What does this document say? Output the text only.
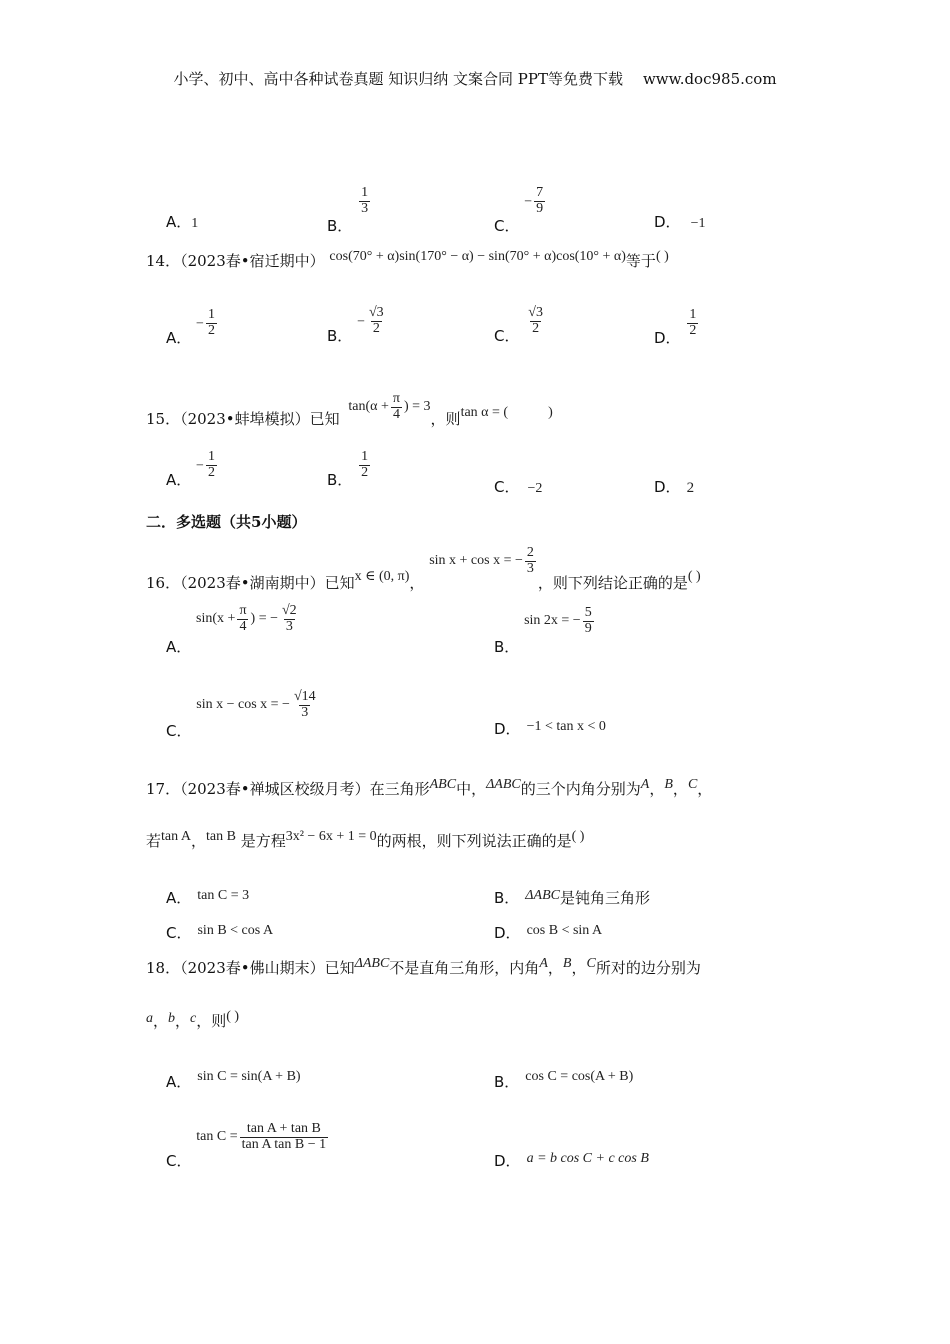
小学、初中、高中各种试卷真题 知识归纳 文案合同 PPT等免费下载 www.doc985.com
A．1	B．
$\frac{1}{3}$
C． − $\frac{7}{9}$
D． −1
14．（2023春•宿迁期中） cos(70° + α)sin(170° − α) − sin(70° + α)cos(10° + α)等于( )
A． − $\frac{1}{2}$	B． − $\frac{√3}{2}$	C． $\frac{√3}{2}$
D． $\frac{1}{2}$
15．（2023•蚌埠模拟）已知 $\tan(\alpha + \frac{\pi}{4}$ ) = 3，则tan α = (	)
A． − $\frac{1}{2}$	B． $\frac{1}{2}$
C． −2	D． 2
二．多选题（共5小题）
16．（2023春•湖南期中）已知x ∈ (0, π)， sin x + cos x = − $\frac{2}{3}$
，则下列结论正确的是( )
A． $\sin(x + \frac{\pi}{4}$ ) = − $\frac{√2}{3}$
B． sin 2x = − $\frac{5}{9}$
C． sin x − cos x = − $\frac{√14}{3}$
D． −1 < tan x < 0
17．（2023春•禅城区校级月考）在三角形ABC中，ΔABC的三个内角分别为A，B，C，
若tan A，tan B 是方程3x² − 6x + 1 = 0的两根，则下列说法正确的是( )
A． tan C = 3	B． ΔABC是钝角三角形
C． sin B < cos A	D． cos B < sin A
18．（2023春•佛山期末）已知ΔABC不是直角三角形，内角A，B，C所对的边分别为
a，b，c，则( )
A． sin C = sin(A + B)	B． cos C = cos(A + B)
C． $\tan C = \frac{\text{tan A + tan B}}{\text{tan A tan B − 1}}$
D． a = b cos C + c cos B
